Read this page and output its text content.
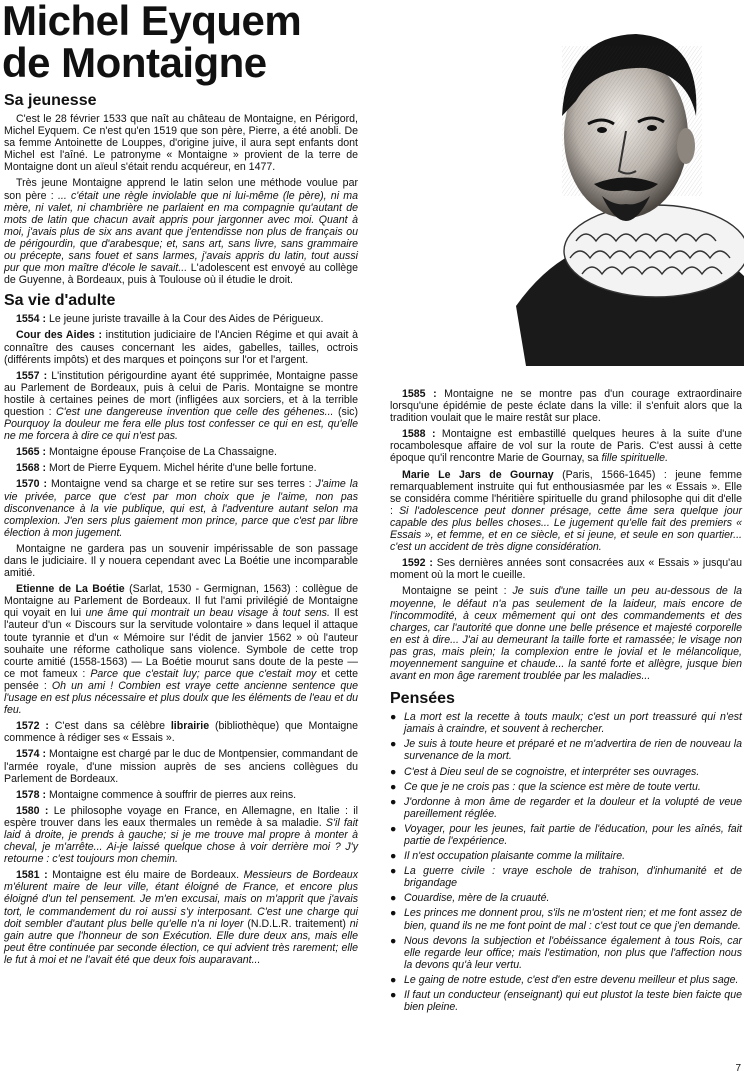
Michel Eyquem
de Montaigne
Sa jeunesse

C'est le 28 février 1533 que naît au château de Montaigne, en Périgord, Michel Eyquem. Ce n'est qu'en 1519 que son père, Pierre, a été anobli. De sa femme Antoinette de Louppes, d'origine juive, il aura sept enfants dont Michel est l'aîné. Le patronyme « Montaigne » provient de la terre de Montaigne dont un aïeul s'était rendu acquéreur, en 1477.

Très jeune Montaigne apprend le latin selon une méthode voulue par son père : ... c'était une règle inviolable que ni lui-même (le père), ni ma mère, ni valet, ni chambrière ne parlaient en ma compagnie qu'autant de mots de latin que chacun avait appris pour jargonner avec moi. Quant à moi, j'avais plus de six ans avant que j'entendisse non plus de français ou de périgourdin, que d'arabesque; et, sans art, sans livre, sans grammaire ou précepte, sans fouet et sans larmes, j'avais appris du latin, tout aussi pur que mon maître d'école le savait... L'adolescent est envoyé au collège de Guyenne, à Bordeaux, puis à Toulouse où il étudie le droit.

Sa vie d'adulte

1554 : Le jeune juriste travaille à la Cour des Aides de Périgueux.

Cour des Aides : institution judiciaire de l'Ancien Régime et qui avait à connaître des causes concernant les aides, gabelles, tailles, octrois (différents impôts) et des marques et poinçons sur l'or et l'argent.

1557 : L'institution périgourdine ayant été supprimée, Montaigne passe au Parlement de Bordeaux, puis à celui de Paris. Montaigne se montre hostile à certaines peines de mort (infligées aux sorciers, et à la terrible question : C'est une dangereuse invention que celle des géhenes... (sic) Pourquoy la douleur me fera elle plus tost confesser ce qui en est, qu'elle ne me forcera à dire ce qui n'est pas.

1565 : Montaigne épouse Françoise de La Chassaigne.

1568 : Mort de Pierre Eyquem. Michel hérite d'une belle fortune.

1570 : Montaigne vend sa charge et se retire sur ses terres : J'aime la vie privée, parce que c'est par mon choix que je l'aime, non pas disconvenance à la vie publique, qui est, à l'adventure autant selon ma complexion. J'en sers plus gaiement mon prince, parce que c'est par libre élection à mon jugement.

Montaigne ne gardera pas un souvenir impérissable de son passage dans le judiciaire. Il y nouera cependant avec La Boétie une incomparable amitié.

Etienne de La Boétie (Sarlat, 1530 - Germignan, 1563) : collègue de Montaigne au Parlement de Bordeaux. Il fut l'ami privilégié de Montaigne qui voyait en lui une âme qui montrait un beau visage à tout sens. Il est l'auteur d'un « Discours sur la servitude volontaire » dans lequel il attaque toute tyrannie et d'un « Mémoire sur l'édit de janvier 1562 » où l'auteur souhaite une réforme catholique sans violence. Symbole de cette trop courte amitié (1558-1563) — La Boétie mourut sans doute de la peste — ce mot fameux : Parce que c'estait luy; parce que c'estait moy et cette pensée : Oh un ami ! Combien est vraye cette ancienne sentence que l'usage en est plus nécessaire et plus doulx que les éléments de l'eau et du feu.

1572 : C'est dans sa célèbre librairie (bibliothèque) que Montaigne commence à rédiger ses « Essais ».

1574 : Montaigne est chargé par le duc de Montpensier, commandant de l'armée royale, d'une mission auprès de ses anciens collègues du Parlement de Bordeaux.

1578 : Montaigne commence à souffrir de pierres aux reins.

1580 : Le philosophe voyage en France, en Allemagne, en Italie : il espère trouver dans les eaux thermales un remède à sa maladie. S'il fait laid à droite, je prends à gauche; si je me trouve mal propre à monter à cheval, je m'arrête... Ai-je laissé quelque chose à voir derrière moi ? J'y retourne : c'est toujours mon chemin.

1581 : Montaigne est élu maire de Bordeaux. Messieurs de Bordeaux m'élurent maire de leur ville, étant éloigné de France, et encore plus éloigné d'un tel pensement. Je m'en excusai, mais on m'apprit que j'avais tort, le commandement du roi aussi s'y interposant. C'est une charge qui doit sembler d'autant plus belle qu'elle n'a ni loyer (N.D.L.R. traitement) ni gain autre que l'honneur de son Exécution. Elle dure deux ans, mais elle peut être continuée par seconde élection, ce qui advient très rarement; elle le fut à moi et ne l'avait été que deux fois auparavant...

1585 : Montaigne ne se montre pas d'un courage extraordinaire lorsqu'une épidémie de peste éclate dans la ville: il s'enfuit alors que la tradition voulait que le maire restât sur place.

1588 : Montaigne est embastillé quelques heures à la suite d'une rocambolesque affaire de vol sur la route de Paris. C'est aussi à cette époque qu'il rencontre Marie de Gournay, sa fille spirituelle.

Marie Le Jars de Gournay (Paris, 1566-1645) : jeune femme remarquablement instruite qui fut enthousiasmée par les « Essais ». Elle se considéra comme l'héritière spirituelle du grand philosophe qui dit d'elle : Si l'adolescence peut donner présage, cette âme sera quelque jour capable des plus belles choses... Le jugement qu'elle fait des premiers « Essais », et femme, et en ce siècle, et si jeune, et seule en son quartier... c'est un accident de très digne considération.

1592 : Ses dernières années sont consacrées aux « Essais » jusqu'au moment où la mort le cueille.

Montaigne se peint : Je suis d'une taille un peu au-dessous de la moyenne, le défaut n'a pas seulement de la laideur, mais encore de l'incommodité, à ceux mêmement qui ont des commandements et des charges, car l'autorité que donne une belle présence et majesté corporelle en est à dire... J'ai au demeurant la taille forte et ramassée; le visage non pas gras, mais plein; la complexion entre le jovial et le mélancolique, moyennement sanguine et chaude... la santé forte et allègre, jusque bien avant en mon âge rarement troublée par les maladies...

Pensées
● La mort est la recette à touts maulx; c'est un port treassuré qui n'est jamais à craindre, et souvent à rechercher.
● Je suis à toute heure et préparé et ne m'advertira de rien de nouveau la survenance de la mort.
● C'est à Dieu seul de se cognoistre, et interpréter ses ouvrages.
● Ce que je ne crois pas : que la science est mère de toute vertu.
● J'ordonne à mon âme de regarder et la douleur et la volupté de veue pareillement réglée.
● Voyager, pour les jeunes, fait partie de l'éducation, pour les aînés, fait partie de l'expérience.
● Il n'est occupation plaisante comme la militaire.
● La guerre civile : vraye eschole de trahison, d'inhumanité et de brigandage
● Couardise, mère de la cruauté.
● Les princes me donnent prou, s'ils ne m'ostent rien; et me font assez de bien, quand ils ne me font point de mal : c'est tout ce que j'en demande.
● Nous devons la subjection et l'obéissance également à tous Rois, car elle regarde leur office; mais l'estimation, non plus que l'affection nous la devons qu'à leur vertu.
● Le gaing de notre estude, c'est d'en estre devenu meilleur et plus sage.
● Il faut un conducteur (enseignant) qui eut plustot la teste bien faicte que bien pleine.
7
